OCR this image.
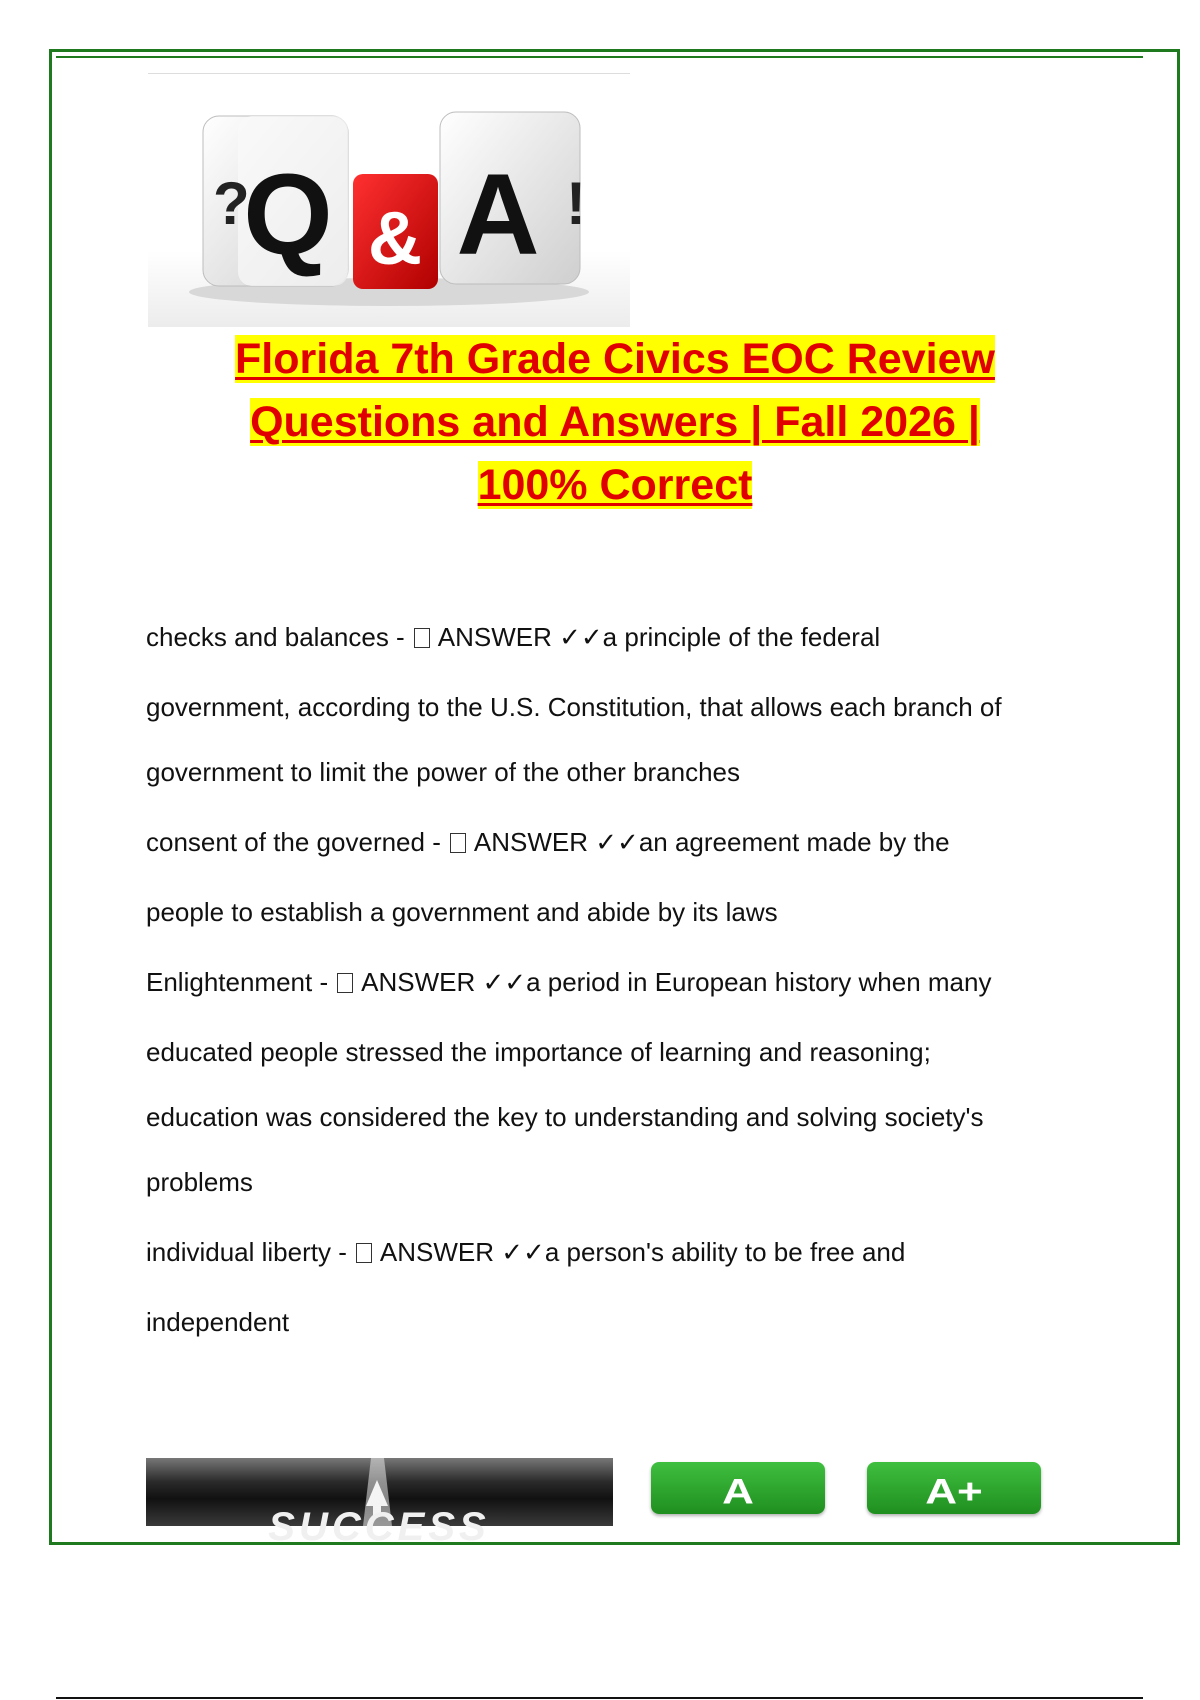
Q
? & A !
Florida 7th Grade Civics EOC Review
Questions and Answers | Fall 2026 |
100% Correct
checks and balances -  ANSWER ✓✓a principle of the federal
government, according to the U.S. Constitution, that allows each branch of
government to limit the power of the other branches
consent of the governed -  ANSWER ✓✓an agreement made by the
people to establish a government and abide by its laws
Enlightenment -  ANSWER ✓✓a period in European history when many
educated people stressed the importance of learning and reasoning;
education was considered the key to understanding and solving society's
problems
individual liberty -  ANSWER ✓✓a person's ability to be free and
independent
SUCCESS
A	A+
